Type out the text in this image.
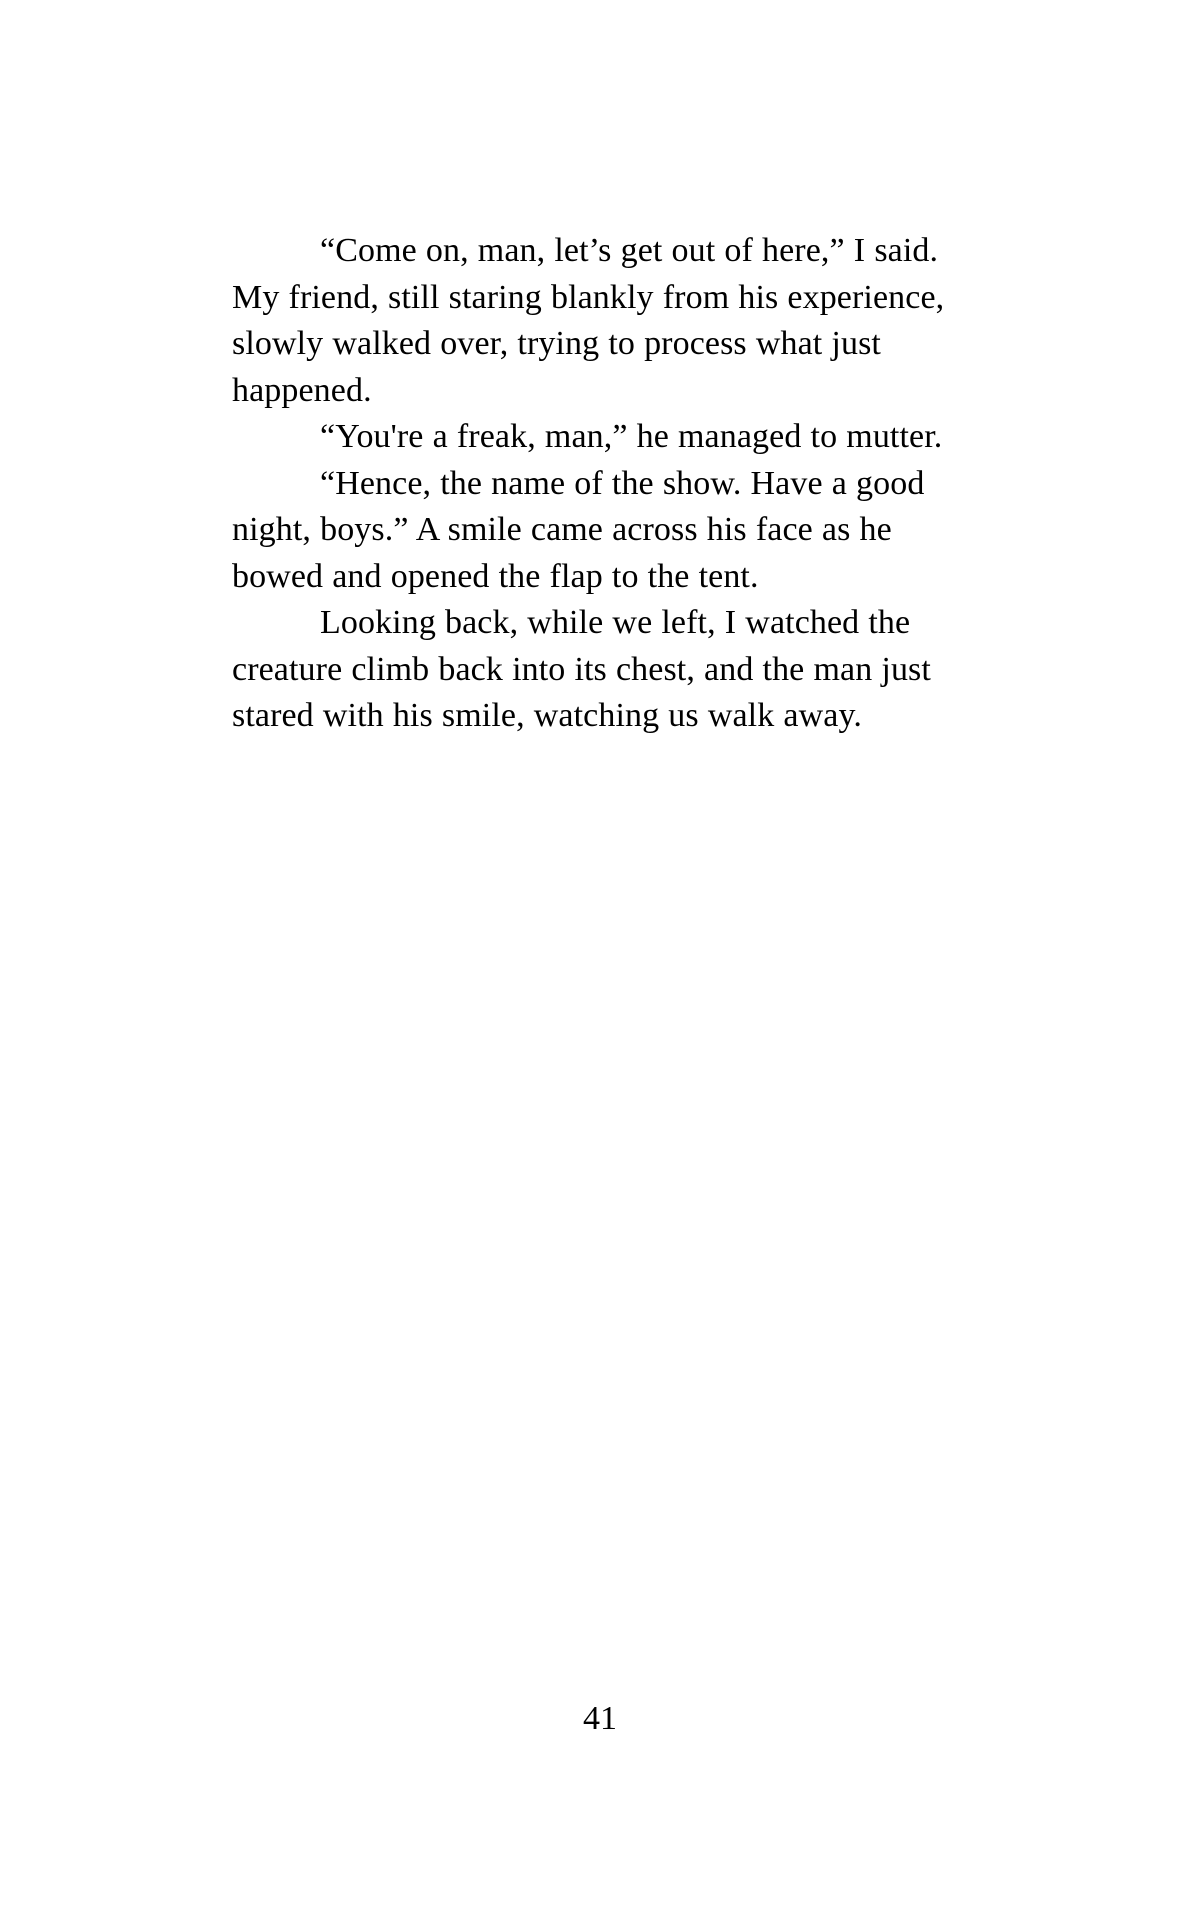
“Come on, man, let’s get out of here,” I said. My friend, still staring blankly from his experience, slowly walked over, trying to process what just happened.

“You're a freak, man,” he managed to mutter.

“Hence, the name of the show. Have a good night, boys.” A smile came across his face as he bowed and opened the flap to the tent.

Looking back, while we left, I watched the creature climb back into its chest, and the man just stared with his smile, watching us walk away.

41
